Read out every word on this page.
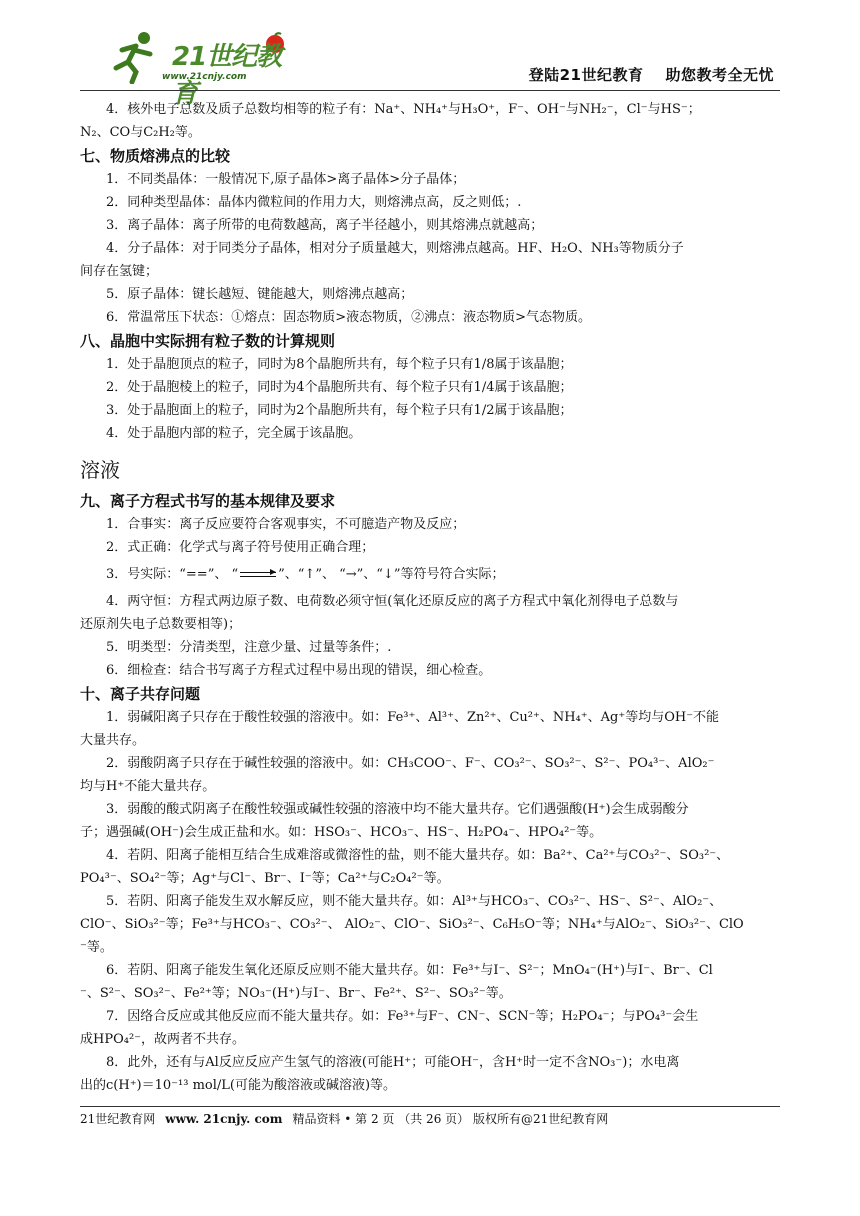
21世纪教育
www.21cnjy.com	登陆21世纪教育 助您教考全无忧

4．核外电子总数及质子总数均相等的粒子有：Na⁺、NH₄⁺与H₃O⁺，F⁻、OH⁻与NH₂⁻，Cl⁻与HS⁻；

N₂、CO与C₂H₂等。

七、物质熔沸点的比较

1．不同类晶体：一般情况下,原子晶体>离子晶体>分子晶体；

2．同种类型晶体：晶体内微粒间的作用力大，则熔沸点高，反之则低；.

3．离子晶体：离子所带的电荷数越高，离子半径越小，则其熔沸点就越高；

4．分子晶体：对于同类分子晶体，相对分子质量越大，则熔沸点越高。HF、H₂O、NH₃等物质分子

间存在氢键；

5．原子晶体：键长越短、键能越大，则熔沸点越高；

6．常温常压下状态：①熔点：固态物质>液态物质，②沸点：液态物质>气态物质。

八、晶胞中实际拥有粒子数的计算规则

1．处于晶胞顶点的粒子，同时为8个晶胞所共有，每个粒子只有1/8属于该晶胞；

2．处于晶胞棱上的粒子，同时为4个晶胞所共有、每个粒子只有1/4属于该晶胞；

3．处于晶胞面上的粒子，同时为2个晶胞所共有，每个粒子只有1/2属于该晶胞；

4．处于晶胞内部的粒子，完全属于该晶胞。

溶液

九、离子方程式书写的基本规律及要求

1．合事实：离子反应要符合客观事实，不可臆造产物及反应；

2．式正确：化学式与离子符号使用正确合理；

3．号实际：“==”、 “	”、“↑”、 “→”、“↓”等符号符合实际；

4．两守恒：方程式两边原子数、电荷数必须守恒(氧化还原反应的离子方程式中氧化剂得电子总数与

还原剂失电子总数要相等)；

5．明类型：分清类型，注意少量、过量等条件；.

6．细检查：结合书写离子方程式过程中易出现的错误，细心检查。

十、离子共存问题

1．弱碱阳离子只存在于酸性较强的溶液中。如：Fe³⁺、Al³⁺、Zn²⁺、Cu²⁺、NH₄⁺、Ag⁺等均与OH⁻不能

大量共存。

2．弱酸阴离子只存在于碱性较强的溶液中。如：CH₃COO⁻、F⁻、CO₃²⁻、SO₃²⁻、S²⁻、PO₄³⁻、AlO₂⁻

均与H⁺不能大量共存。

3．弱酸的酸式阴离子在酸性较强或碱性较强的溶液中均不能大量共存。它们遇强酸(H⁺)会生成弱酸分

子；遇强碱(OH⁻)会生成正盐和水。如：HSO₃⁻、HCO₃⁻、HS⁻、H₂PO₄⁻、HPO₄²⁻等。

4．若阴、阳离子能相互结合生成难溶或微溶性的盐，则不能大量共存。如：Ba²⁺、Ca²⁺与CO₃²⁻、SO₃²⁻、

PO₄³⁻、SO₄²⁻等；Ag⁺与Cl⁻、Br⁻、I⁻等；Ca²⁺与C₂O₄²⁻等。

5．若阴、阳离子能发生双水解反应，则不能大量共存。如：Al³⁺与HCO₃⁻、CO₃²⁻、HS⁻、S²⁻、AlO₂⁻、

ClO⁻、SiO₃²⁻等；Fe³⁺与HCO₃⁻、CO₃²⁻、 AlO₂⁻、ClO⁻、SiO₃²⁻、C₆H₅O⁻等；NH₄⁺与AlO₂⁻、SiO₃²⁻、ClO

⁻等。

6．若阴、阳离子能发生氧化还原反应则不能大量共存。如：Fe³⁺与I⁻、S²⁻；MnO₄⁻(H⁺)与I⁻、Br⁻、Cl

⁻、S²⁻、SO₃²⁻、Fe²⁺等；NO₃⁻(H⁺)与I⁻、Br⁻、Fe²⁺、S²⁻、SO₃²⁻等。

7．因络合反应或其他反应而不能大量共存。如：Fe³⁺与F⁻、CN⁻、SCN⁻等；H₂PO₄⁻；与PO₄³⁻会生

成HPO₄²⁻，故两者不共存。

8．此外，还有与Al反应反应产生氢气的溶液(可能H⁺；可能OH⁻，含H⁺时一定不含NO₃⁻)；水电离

出的c(H⁺)＝10⁻¹³ mol/L(可能为酸溶液或碱溶液)等。

21世纪教育网 www. 21cnjy. com 精品资料 • 第 2 页 （共 26 页） 版权所有@21世纪教育网
